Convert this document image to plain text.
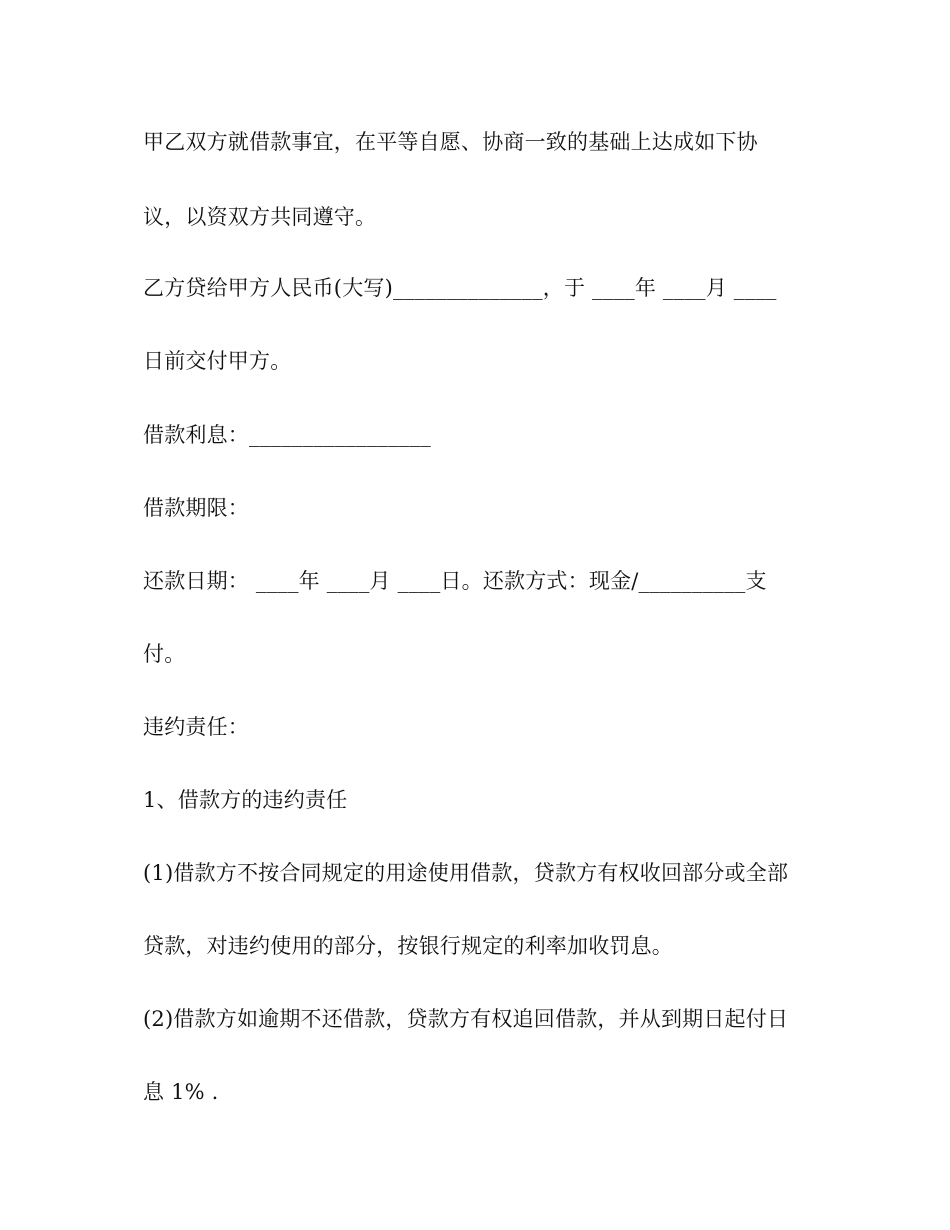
甲乙双方就借款事宜，在平等自愿、协商一致的基础上达成如下协
议，以资双方共同遵守。
乙方贷给甲方人民币(大写)______________，于 ____年 ____月 ____
日前交付甲方。
借款利息：_________________
借款期限：
还款日期： ____年 ____月 ____日。还款方式：现金/__________支
付。
违约责任：
1、借款方的违约责任
(1)借款方不按合同规定的用途使用借款，贷款方有权收回部分或全部
贷款，对违约使用的部分，按银行规定的利率加收罚息。
(2)借款方如逾期不还借款，贷款方有权追回借款，并从到期日起付日
息 1% .
